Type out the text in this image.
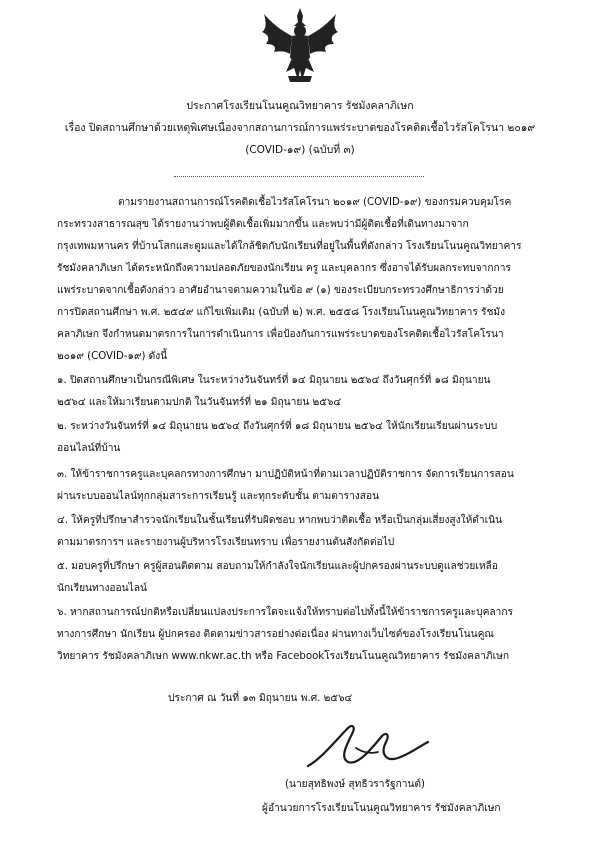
ประกาศโรงเรียนโนนคูณวิทยาคาร รัชมังคลาภิเษก
เรื่อง ปิดสถานศึกษาด้วยเหตุพิเศษเนื่องจากสถานการณ์การแพร่ระบาดของโรคติดเชื้อไวรัสโคโรนา ๒๐๑๙
(COVID-๑๙) (ฉบับที่ ๓)
ตามรายงานสถานการณ์โรคติดเชื้อไวรัสโคโรนา ๒๐๑๙ (COVID-๑๙) ของกรมควบคุมโรค
กระทรวงสาธารณสุข ได้รายงานว่าพบผู้ติดเชื้อเพิ่มมากขึ้น และพบว่ามีผู้ติดเชื้อที่เดินทางมาจาก
กรุงเทพมหานคร ที่บ้านโสกแสะตูมและได้ใกล้ชิดกับนักเรียนที่อยู่ในพื้นที่ดังกล่าว โรงเรียนโนนคูณวิทยาคาร
รัชมังคลาภิเษก ได้ตระหนักถึงความปลอดภัยของนักเรียน ครู และบุคลากร ซึ่งอาจได้รับผลกระทบจากการ
แพร่ระบาดจากเชื้อดังกล่าว อาศัยอำนาจตามความในข้อ ๙ (๑) ของระเบียบกระทรวงศึกษาธิการว่าด้วย
การปิดสถานศึกษา พ.ศ. ๒๕๔๙ แก้ไขเพิ่มเติม (ฉบับที่ ๒) พ.ศ. ๒๕๕๘ โรงเรียนโนนคูณวิทยาคาร รัชมัง
คลาภิเษก จึงกำหนดมาตรการในการดำเนินการ เพื่อป้องกันการแพร่ระบาดของโรคติดเชื้อไวรัสโคโรนา
๒๐๑๙ (COVID-๑๙) ดังนี้
๑. ปิดสถานศึกษาเป็นกรณีพิเศษ ในระหว่างวันจันทร์ที่ ๑๔ มิถุนายน ๒๕๖๔ ถึงวันศุกร์ที่ ๑๘ มิถุนายน
๒๕๖๔ และให้มาเรียนตามปกติ ในวันจันทร์ที่ ๒๑ มิถุนายน ๒๕๖๔
๒. ระหว่างวันจันทร์ที่ ๑๔ มิถุนายน ๒๕๖๔ ถึงวันศุกร์ที่ ๑๘ มิถุนายน ๒๕๖๔ ให้นักเรียนเรียนผ่านระบบ
ออนไลน์ที่บ้าน
๓. ให้ข้าราชการครูและบุคลกรทางการศึกษา มาปฏิบัติหน้าที่ตามเวลาปฏิบัติราชการ จัดการเรียนการสอน
ผ่านระบบออนไลน์ทุกกลุ่มสาระการเรียนรู้ และทุกระดับชั้น ตามตารางสอน
๔. ให้ครูที่ปรึกษาสำรวจนักเรียนในชั้นเรียนที่รับผิดชอบ หากพบว่าติดเชื้อ หรือเป็นกลุ่มเสี่ยงสูงให้ดำเนิน
ตามมาตรการฯ และรายงานผู้บริหารโรงเรียนทราบ เพื่อรายงานต้นสังกัดต่อไป
๕. มอบครูที่ปรึกษา ครูผู้สอนติดตาม สอบถามให้กำลังใจนักเรียนและผู้ปกครองผ่านระบบดูแลช่วยเหลือ
นักเรียนทางออนไลน์
๖. หากสถานการณ์ปกติหรือเปลี่ยนแปลงประการใดจะแจ้งให้ทราบต่อไปทั้งนี้ให้ข้าราชการครูและบุคลากร
ทางการศึกษา นักเรียน ผู้ปกครอง ติดตามข่าวสารอย่างต่อเนื่อง ผ่านทางเว็บไซต์ของโรงเรียนโนนคูณ
วิทยาคาร รัชมังคลาภิเษก www.nkwr.ac.th หรือ Facebookโรงเรียนโนนคูณวิทยาคาร รัชมังคลาภิเษก
ประกาศ ณ วันที่ ๑๓ มิถุนายน พ.ศ. ๒๕๖๔
(นายสุทธิพงษ์ สุทธิวรารัฐกานต์)
ผู้อำนวยการโรงเรียนโนนคูณวิทยาคาร รัชมังคลาภิเษก
